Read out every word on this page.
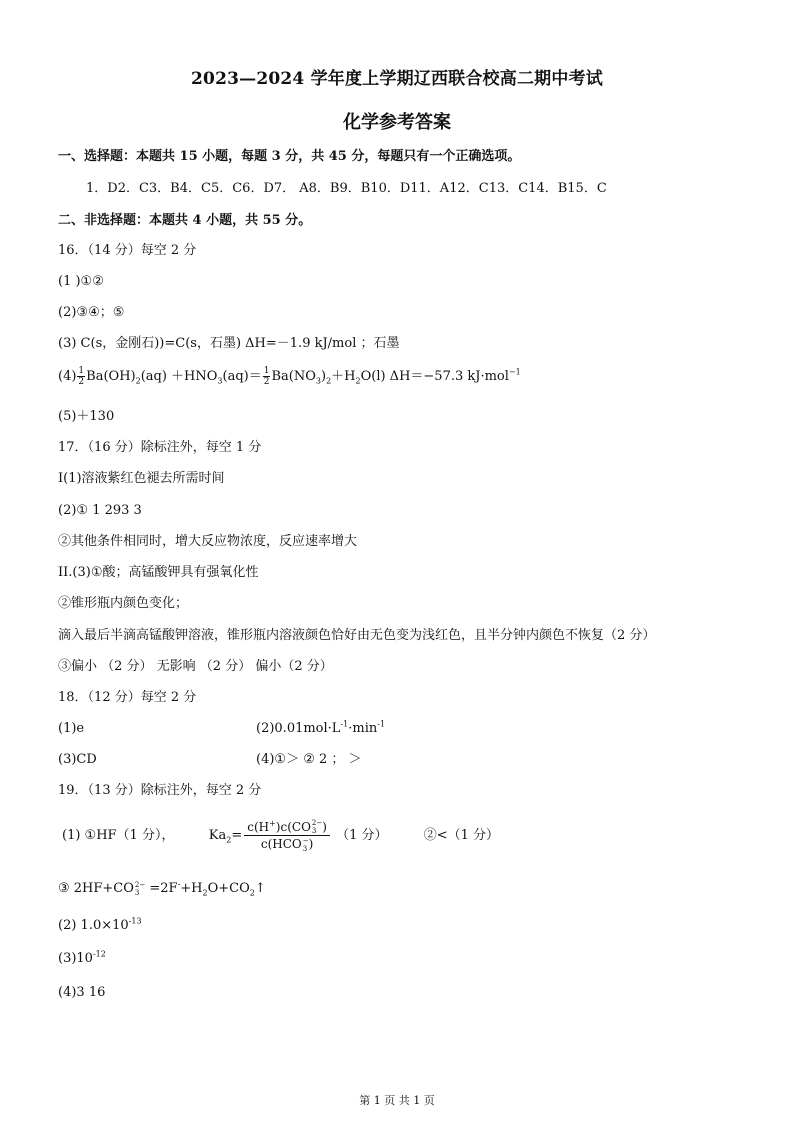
2023—2024 学年度上学期辽西联合校高二期中考试
化学参考答案
一、选择题：本题共 15 小题，每题 3 分，共 45 分，每题只有一个正确选项。
1．D2．C3．B4．C5．C6．D7． A8．B9．B10．D11．A12．C13．C14．B15．C
二、非选择题：本题共 4 小题，共 55 分。
16．（14 分）每空 2 分
(1 )①②
(2)③④；⑤
(3) C(s，金刚石))=C(s，石墨) ΔH=－1.9 kJ/mol ；石墨
$(4) \frac{1}{2} Ba(OH)_2(aq) +HNO_3(aq)= \frac{1}{2} Ba(NO_3)_2+H_2O(l)$ ΔH＝−57.3 kJ·mol$^{-1}$
(5)＋130
17．（16 分）除标注外，每空 1 分
I(1)溶液紫红色褪去所需时间
(2)① 1 293 3
②其他条件相同时，增大反应物浓度，反应速率增大
II.(3)①酸；高锰酸钾具有强氧化性
②锥形瓶内颜色变化；
滴入最后半滴高锰酸钾溶液，锥形瓶内溶液颜色恰好由无色变为浅红色，且半分钟内颜色不恢复（2 分）
③偏小 （2 分） 无影响 （2 分） 偏小（2 分）
18．（12 分）每空 2 分
(1)e	$(2)0.01mol\cdot L^{-1}\cdot\min^{-1}$
(3)CD	(4)①＞ ② 2 ； ＞
19．（13 分）除标注外，每空 2 分
(1) ①HF（1 分），	$Ka_2= c(H^+)c(CO$ 2−
3 )
c(HCO −
3 ) （1 分）	②<（1 分）
③ 2HF+CO 2−
$3 =2F^-+H_2O+CO_2↑$
(2) $1.0\times 10^{-13}$
$(3)10^{-12}$
(4)3 16
第 1 页 共 1 页
